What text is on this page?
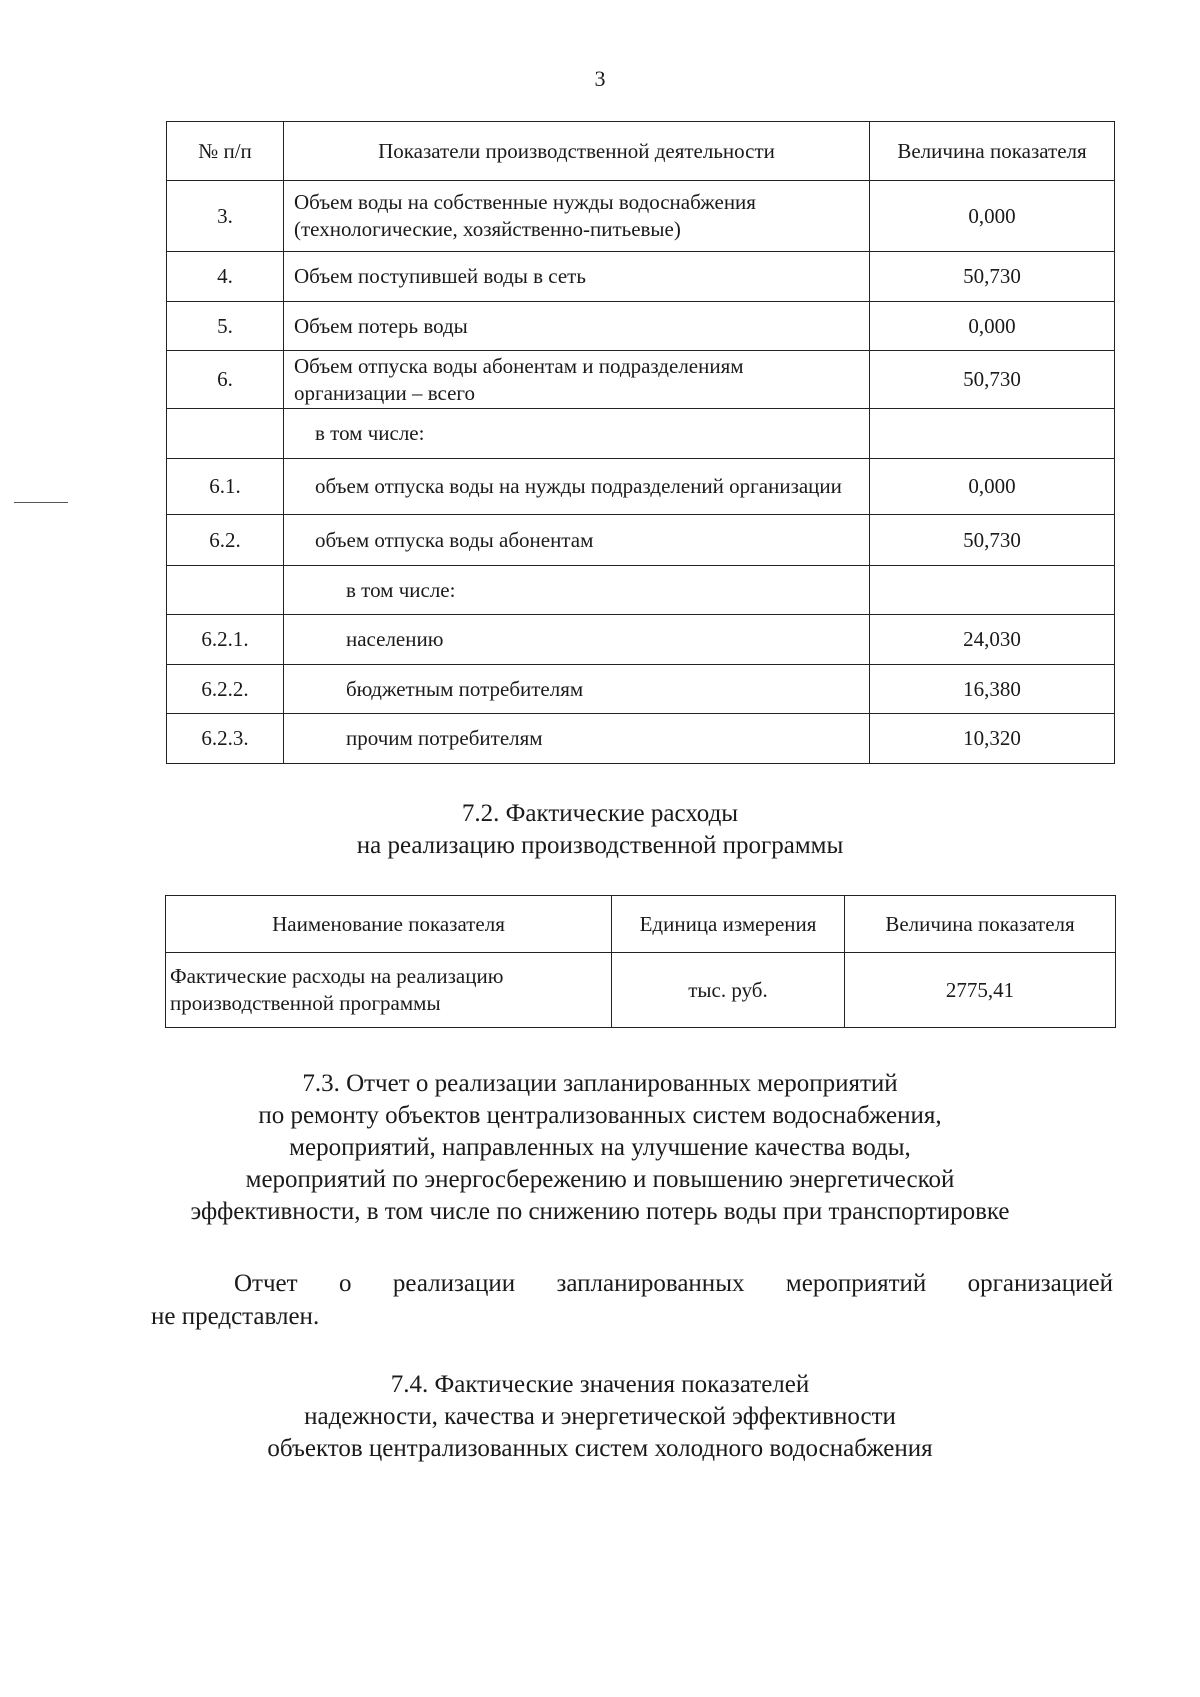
3
№ п/п	Показатели производственной деятельности	Величина показателя
3.	Объем воды на собственные нужды водоснабжения (технологические, хозяйственно-питьевые)	0,000
4.	Объем поступившей воды в сеть	50,730
5.	Объем потерь воды	0,000
6.	Объем отпуска воды абонентам и подразделениям организации – всего	50,730
	в том числе:	
6.1.	объем отпуска воды на нужды подразделений организации	0,000
6.2.	объем отпуска воды абонентам	50,730
	в том числе:	
6.2.1.	населению	24,030
6.2.2.	бюджетным потребителям	16,380
6.2.3.	прочим потребителям	10,320
7.2. Фактические расходы
на реализацию производственной программы
Наименование показателя	Единица измерения	Величина показателя

Фактические расходы на реализацию
производственной программы	тыс. руб.	2775,41
7.3. Отчет о реализации запланированных мероприятий
по ремонту объектов централизованных систем водоснабжения,
мероприятий, направленных на улучшение качества воды,
мероприятий по энергосбережению и повышению энергетической
эффективности, в том числе по снижению потерь воды при транспортировке
Отчет о реализации запланированных мероприятий организацией
не представлен.
7.4. Фактические значения показателей
надежности, качества и энергетической эффективности
объектов централизованных систем холодного водоснабжения
